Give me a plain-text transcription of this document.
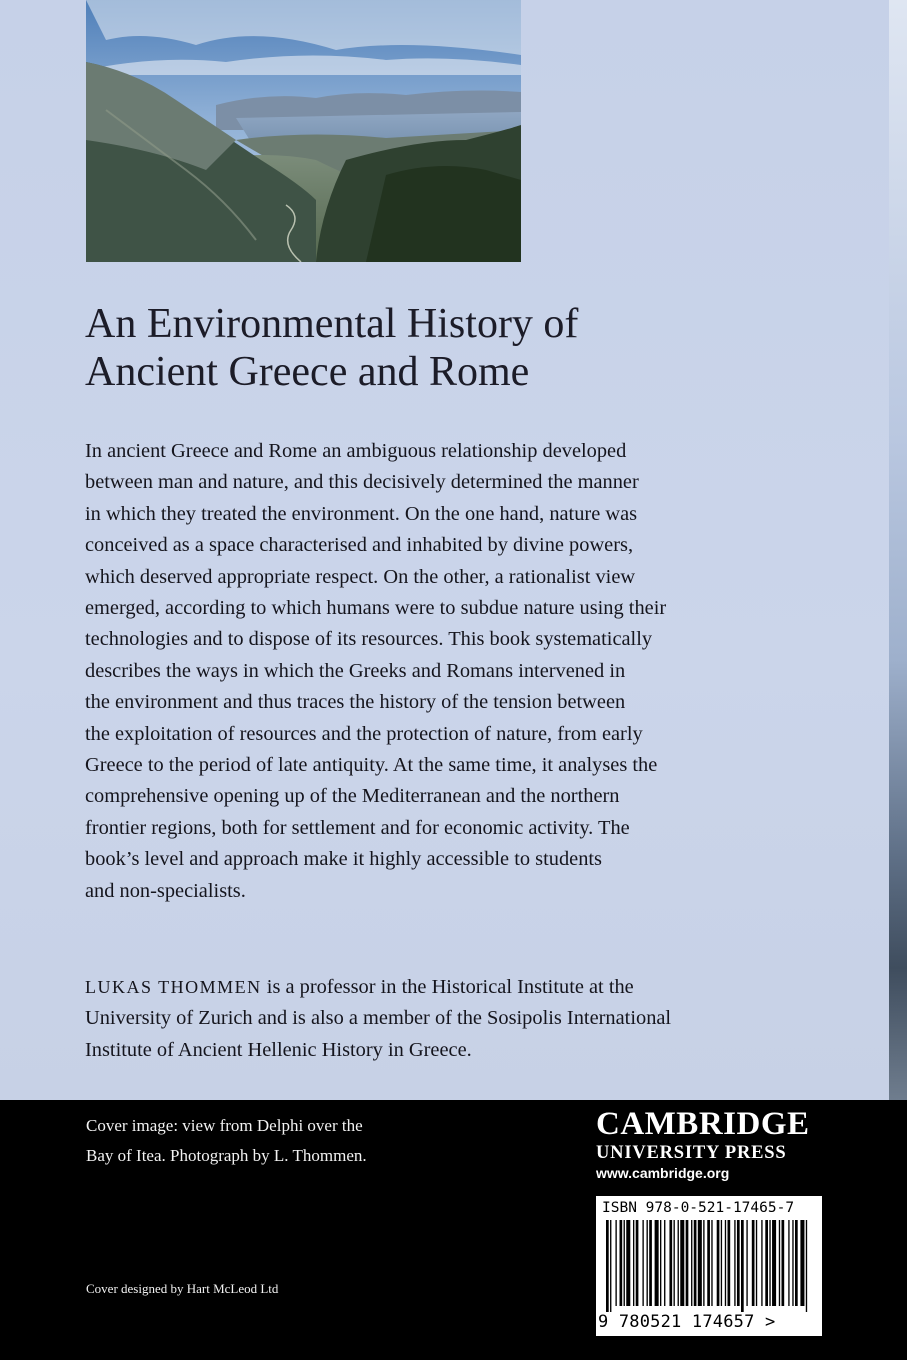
An Environmental History of
Ancient Greece and Rome
In ancient Greece and Rome an ambiguous relationship developed
between man and nature, and this decisively determined the manner
in which they treated the environment. On the one hand, nature was
conceived as a space characterised and inhabited by divine powers,
which deserved appropriate respect. On the other, a rationalist view
emerged, according to which humans were to subdue nature using their
technologies and to dispose of its resources. This book systematically
describes the ways in which the Greeks and Romans intervened in
the environment and thus traces the history of the tension between
the exploitation of resources and the protection of nature, from early
Greece to the period of late antiquity. At the same time, it analyses the
comprehensive opening up of the Mediterranean and the northern
frontier regions, both for settlement and for economic activity. The
book’s level and approach make it highly accessible to students
and non-specialists.
LUKAS THOMMEN is a professor in the Historical Institute at the
University of Zurich and is also a member of the Sosipolis International
Institute of Ancient Hellenic History in Greece.
Cover image: view from Delphi over the
Bay of Itea. Photograph by L. Thommen.
Cover designed by Hart McLeod Ltd
CAMBRIDGE
UNIVERSITY PRESS
www.cambridge.org
ISBN 978-0-521-17465-7
9 780521 174657 >
